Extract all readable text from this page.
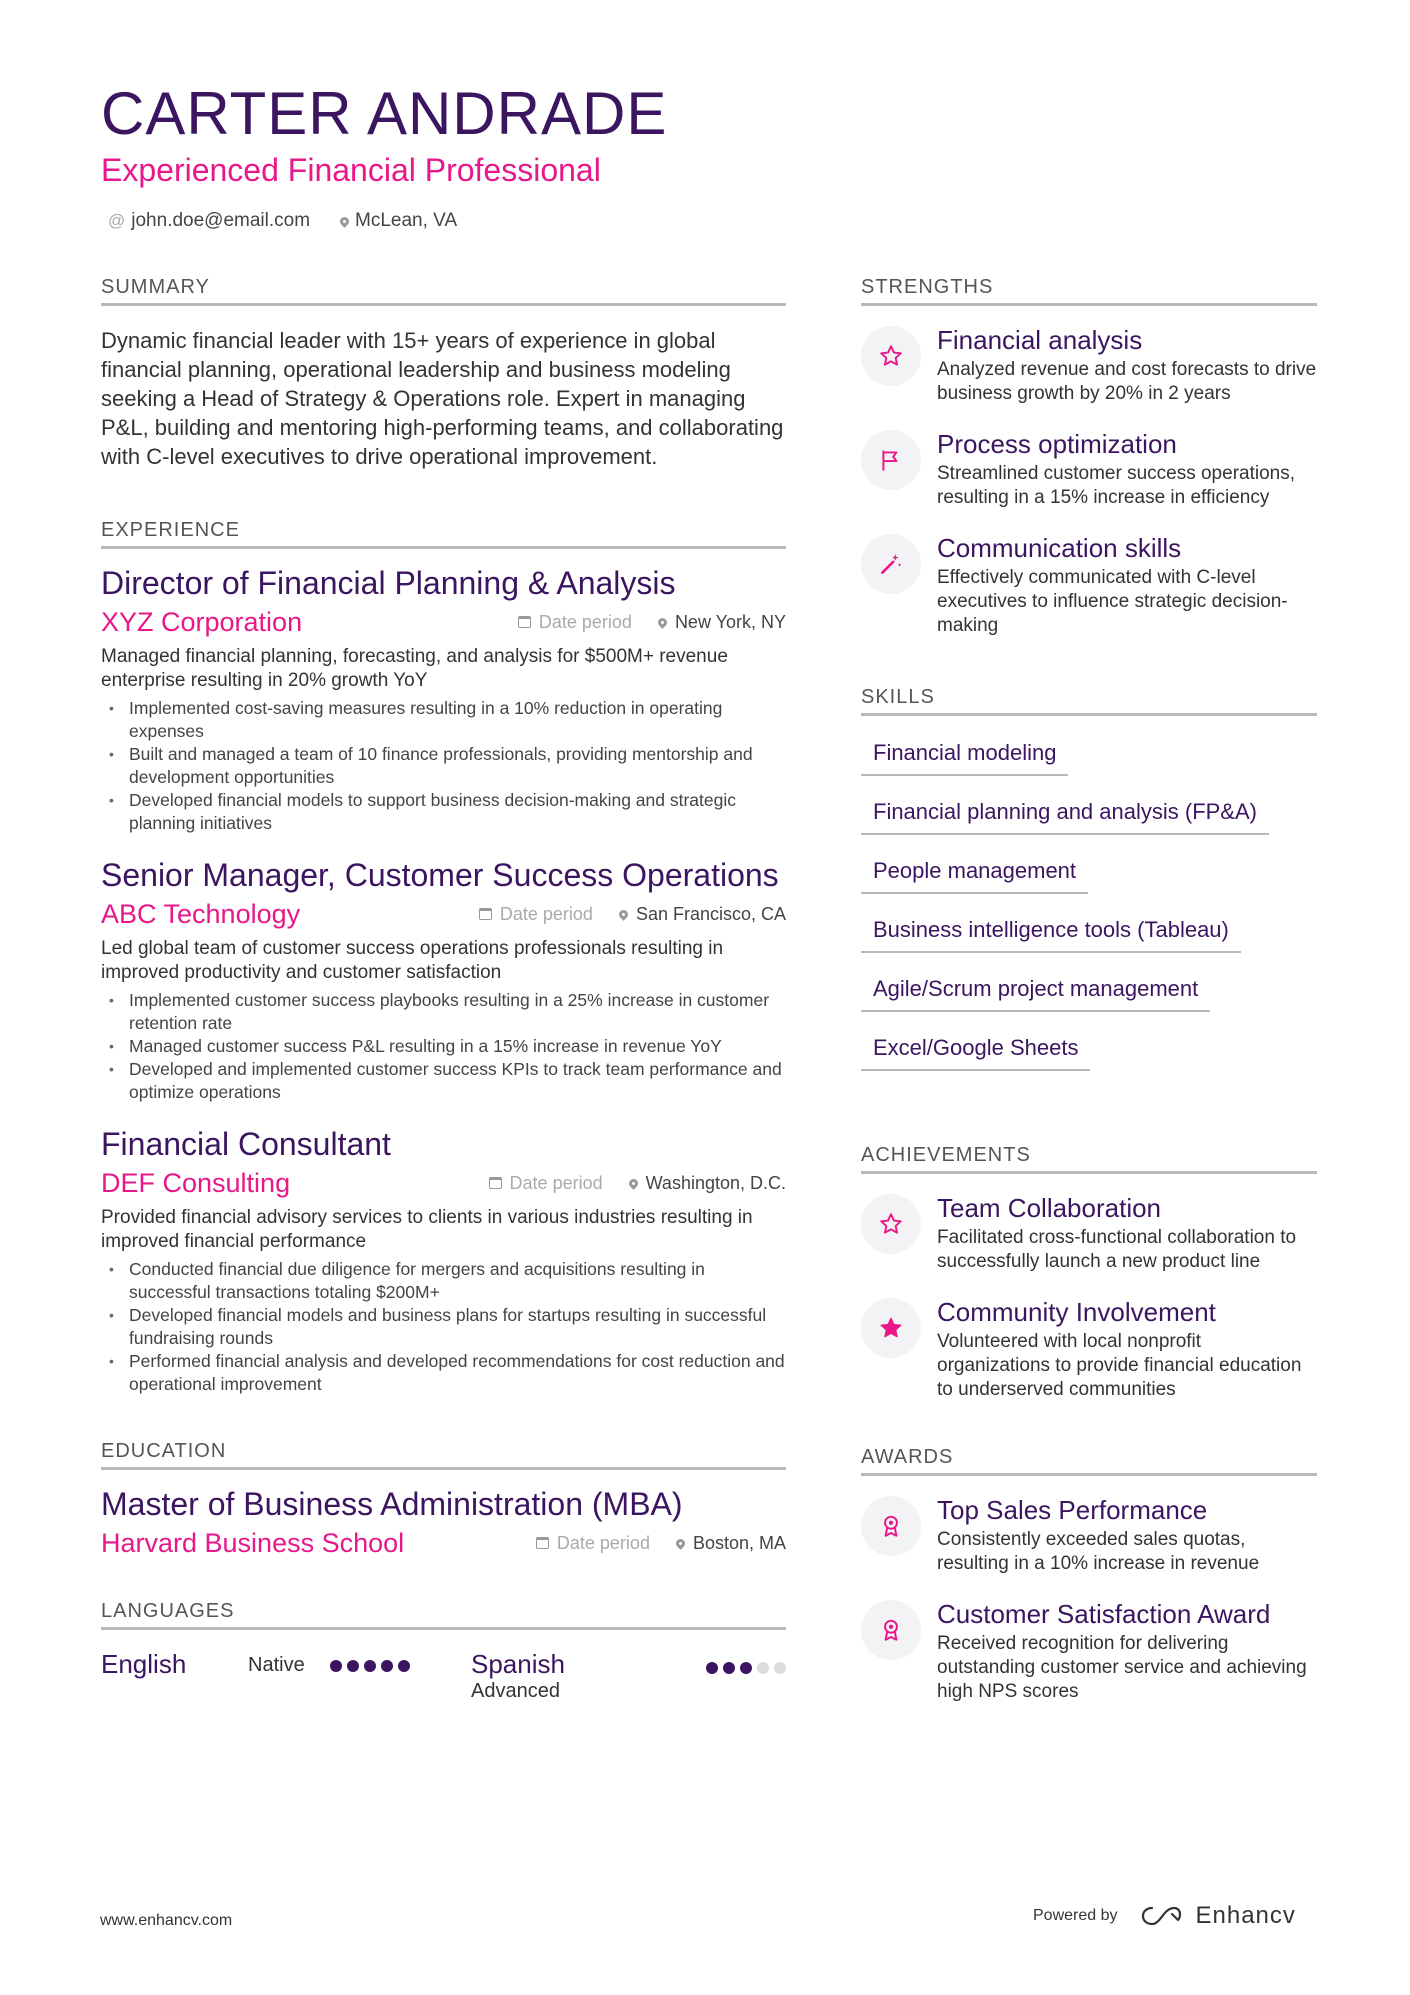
CARTER ANDRADE
Experienced Financial Professional
@ john.doe@email.com McLean, VA
SUMMARY
Dynamic financial leader with 15+ years of experience in global financial planning, operational leadership and business modeling seeking a Head of Strategy & Operations role. Expert in managing P&L, building and mentoring high-performing teams, and collaborating with C-level executives to drive operational improvement.
EXPERIENCE
Director of Financial Planning & Analysis
XYZ Corporation	Date period New York, NY
Managed financial planning, forecasting, and analysis for $500M+ revenue enterprise resulting in 20% growth YoY
• Implemented cost-saving measures resulting in a 10% reduction in operating expenses
• Built and managed a team of 10 finance professionals, providing mentorship and development opportunities
• Developed financial models to support business decision-making and strategic planning initiatives
Senior Manager, Customer Success Operations
ABC Technology	Date period San Francisco, CA
Led global team of customer success operations professionals resulting in improved productivity and customer satisfaction
• Implemented customer success playbooks resulting in a 25% increase in customer retention rate
• Managed customer success P&L resulting in a 15% increase in revenue YoY
• Developed and implemented customer success KPIs to track team performance and optimize operations
Financial Consultant
DEF Consulting	Date period Washington, D.C.
Provided financial advisory services to clients in various industries resulting in improved financial performance
• Conducted financial due diligence for mergers and acquisitions resulting in successful transactions totaling $200M+
• Developed financial models and business plans for startups resulting in successful fundraising rounds
• Performed financial analysis and developed recommendations for cost reduction and operational improvement
EDUCATION
Master of Business Administration (MBA)
Harvard Business School	Date period Boston, MA
LANGUAGES
English	Native	Spanish
Advanced
STRENGTHS
Financial analysis
Analyzed revenue and cost forecasts to drive business growth by 20% in 2 years
Process optimization
Streamlined customer success operations, resulting in a 15% increase in efficiency
Communication skills
Effectively communicated with C-level executives to influence strategic decision-making
SKILLS
Financial modeling
Financial planning and analysis (FP&A)
People management
Business intelligence tools (Tableau)
Agile/Scrum project management
Excel/Google Sheets
ACHIEVEMENTS
Team Collaboration
Facilitated cross-functional collaboration to successfully launch a new product line
Community Involvement
Volunteered with local nonprofit organizations to provide financial education to underserved communities
AWARDS
Top Sales Performance
Consistently exceeded sales quotas, resulting in a 10% increase in revenue
Customer Satisfaction Award
Received recognition for delivering outstanding customer service and achieving high NPS scores
www.enhancv.com	Powered by	Enhancv
